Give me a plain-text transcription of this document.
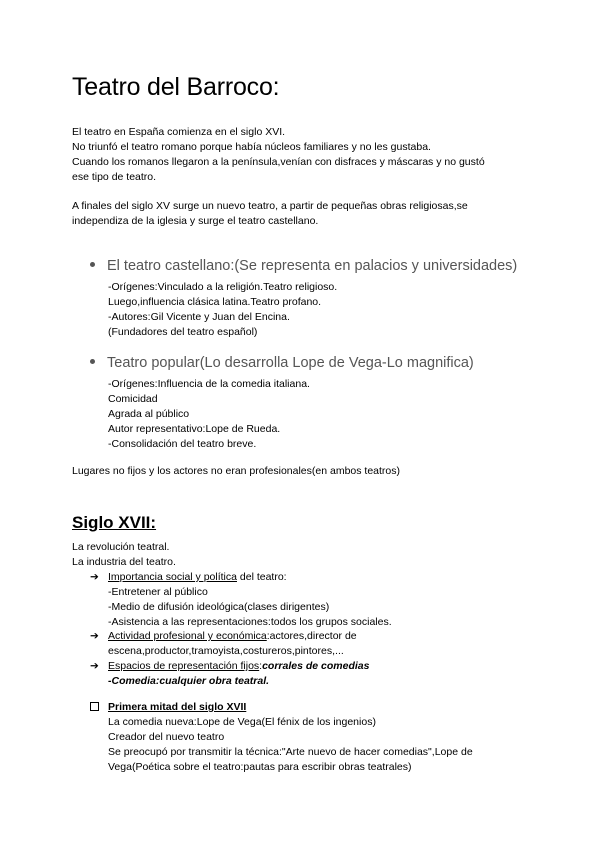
Teatro del Barroco:
El teatro en España comienza en el siglo XVI.
No triunfó el teatro romano porque había núcleos familiares y no les gustaba.
Cuando los romanos llegaron a la península,venían con disfraces y máscaras y no gustó
ese tipo de teatro.
A finales del siglo XV surge un nuevo teatro, a partir de pequeñas obras religiosas,se
independiza de la iglesia y surge el teatro castellano.
El teatro castellano:(Se representa en palacios y universidades)
-Orígenes:Vinculado a la religión.Teatro religioso.
Luego,influencia clásica latina.Teatro profano.
-Autores:Gil Vicente y Juan del Encina.
(Fundadores del teatro español)
Teatro popular(Lo desarrolla Lope de Vega-Lo magnifica)
-Orígenes:Influencia de la comedia italiana.
Comicidad
Agrada al público
Autor representativo:Lope de Rueda.
-Consolidación del teatro breve.
Lugares no fijos y los actores no eran profesionales(en ambos teatros)
Siglo XVII:
La revolución teatral.
La industria del teatro.
➔ Importancia social y política del teatro:
-Entretener al público
-Medio de difusión ideológica(clases dirigentes)
-Asistencia a las representaciones:todos los grupos sociales.
➔ Actividad profesional y económica:actores,director de
escena,productor,tramoyista,costureros,pintores,...
➔ Espacios de representación fijos:corrales de comedias
-Comedia:cualquier obra teatral.
Primera mitad del siglo XVII
La comedia nueva:Lope de Vega(El fénix de los ingenios)
Creador del nuevo teatro
Se preocupó por transmitir la técnica:"Arte nuevo de hacer comedias",Lope de
Vega(Poética sobre el teatro:pautas para escribir obras teatrales)
